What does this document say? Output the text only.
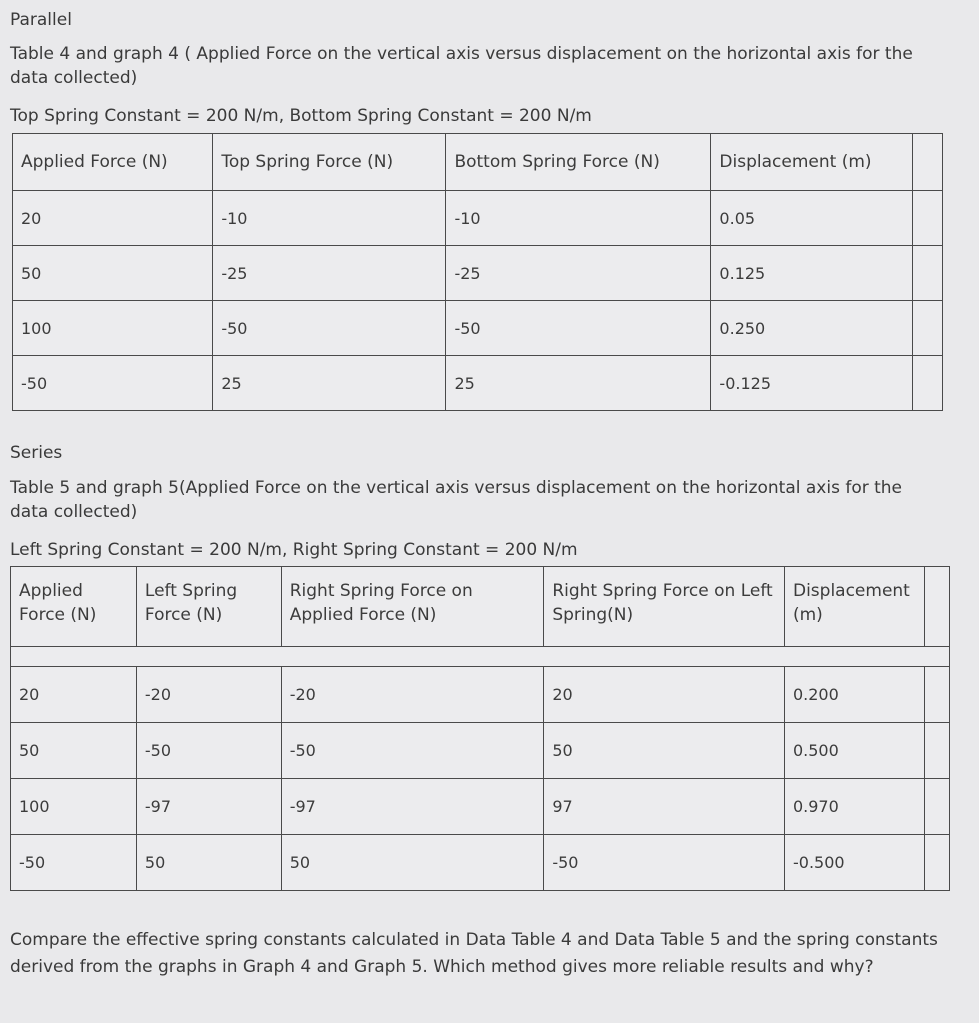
Parallel
Table 4 and graph 4 ( Applied Force on the vertical axis versus displacement on the horizontal axis for the data collected)
Top Spring Constant = 200 N/m, Bottom Spring Constant = 200 N/m
Applied Force (N)	Top Spring Force (N)	Bottom Spring Force (N)	Displacement (m)	
20	-10	-10	0.05	
50	-25	-25	0.125	
100	-50	-50	0.250	
-50	25	25	-0.125	
Series
Table 5 and graph 5(Applied Force on the vertical axis versus displacement on the horizontal axis for the data collected)
Left Spring Constant = 200 N/m, Right Spring Constant = 200 N/m
Applied Force (N)	Left Spring Force (N)	Right Spring Force on Applied Force (N)	Right Spring Force on Left Spring(N)	Displacement (m)	

20	-20	-20	20	0.200	
50	-50	-50	50	0.500	
100	-97	-97	97	0.970	
-50	50	50	-50	-0.500	
Compare the effective spring constants calculated in Data Table 4 and Data Table 5 and the spring constants derived from the graphs in Graph 4 and Graph 5. Which method gives more reliable results and why?
